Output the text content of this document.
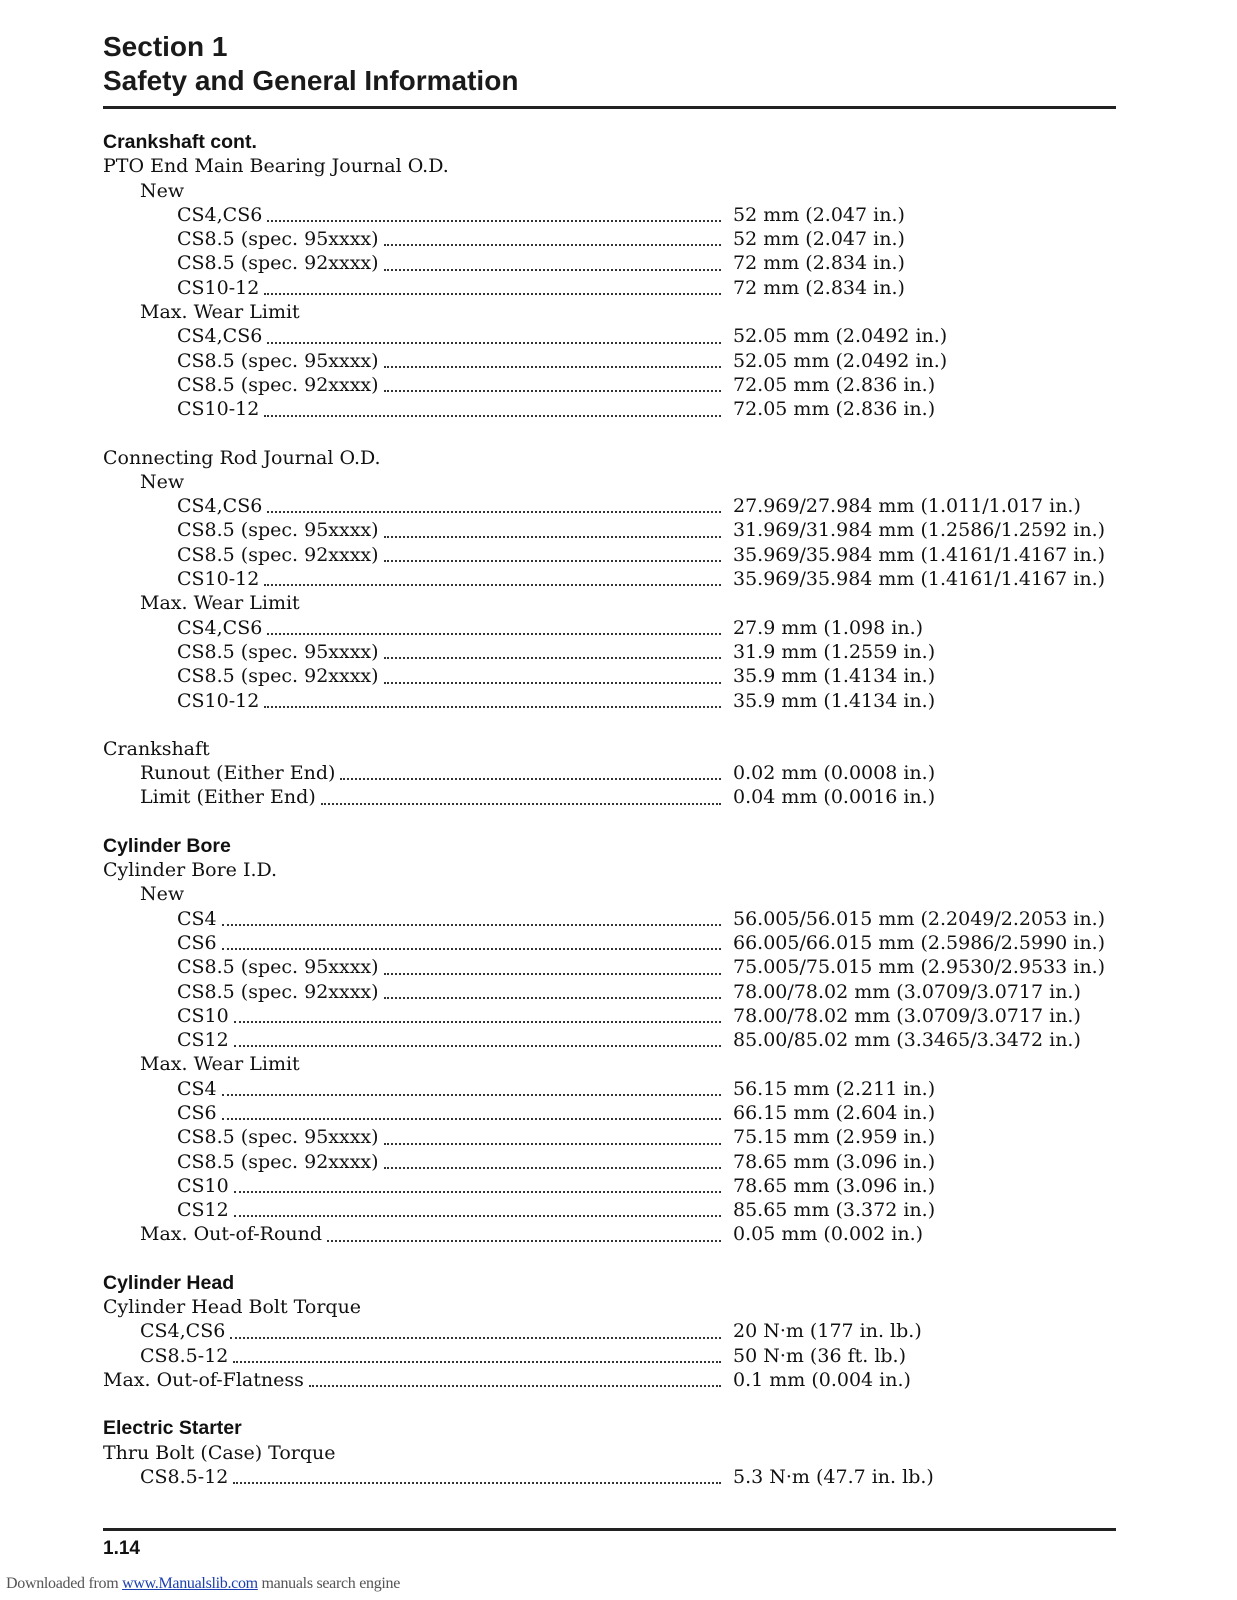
Section 1
Safety and General Information
Crankshaft cont.
PTO End Main Bearing Journal O.D.
New
CS4,CS6	52 mm (2.047 in.)
CS8.5 (spec. 95xxxx)	52 mm (2.047 in.)
CS8.5 (spec. 92xxxx)	72 mm (2.834 in.)
CS10-12	72 mm (2.834 in.)
Max. Wear Limit
CS4,CS6	52.05 mm (2.0492 in.)
CS8.5 (spec. 95xxxx)	52.05 mm (2.0492 in.)
CS8.5 (spec. 92xxxx)	72.05 mm (2.836 in.)
CS10-12	72.05 mm (2.836 in.)
Connecting Rod Journal O.D.
New
CS4,CS6	27.969/27.984 mm (1.011/1.017 in.)
CS8.5 (spec. 95xxxx)	31.969/31.984 mm (1.2586/1.2592 in.)
CS8.5 (spec. 92xxxx)	35.969/35.984 mm (1.4161/1.4167 in.)
CS10-12	35.969/35.984 mm (1.4161/1.4167 in.)
Max. Wear Limit
CS4,CS6	27.9 mm (1.098 in.)
CS8.5 (spec. 95xxxx)	31.9 mm (1.2559 in.)
CS8.5 (spec. 92xxxx)	35.9 mm (1.4134 in.)
CS10-12	35.9 mm (1.4134 in.)
Crankshaft
Runout (Either End)	0.02 mm (0.0008 in.)
Limit (Either End)	0.04 mm (0.0016 in.)
Cylinder Bore
Cylinder Bore I.D.
New
CS4	56.005/56.015 mm (2.2049/2.2053 in.)
CS6	66.005/66.015 mm (2.5986/2.5990 in.)
CS8.5 (spec. 95xxxx)	75.005/75.015 mm (2.9530/2.9533 in.)
CS8.5 (spec. 92xxxx)	78.00/78.02 mm (3.0709/3.0717 in.)
CS10	78.00/78.02 mm (3.0709/3.0717 in.)
CS12	85.00/85.02 mm (3.3465/3.3472 in.)
Max. Wear Limit
CS4	56.15 mm (2.211 in.)
CS6	66.15 mm (2.604 in.)
CS8.5 (spec. 95xxxx)	75.15 mm (2.959 in.)
CS8.5 (spec. 92xxxx)	78.65 mm (3.096 in.)
CS10	78.65 mm (3.096 in.)
CS12	85.65 mm (3.372 in.)
Max. Out-of-Round	0.05 mm (0.002 in.)
Cylinder Head
Cylinder Head Bolt Torque
CS4,CS6	20 N·m (177 in. lb.)
CS8.5-12	50 N·m (36 ft. lb.)
Max. Out-of-Flatness	0.1 mm (0.004 in.)
Electric Starter
Thru Bolt (Case) Torque
CS8.5-12	5.3 N·m (47.7 in. lb.)
1.14
Downloaded from www.Manualslib.com manuals search engine
